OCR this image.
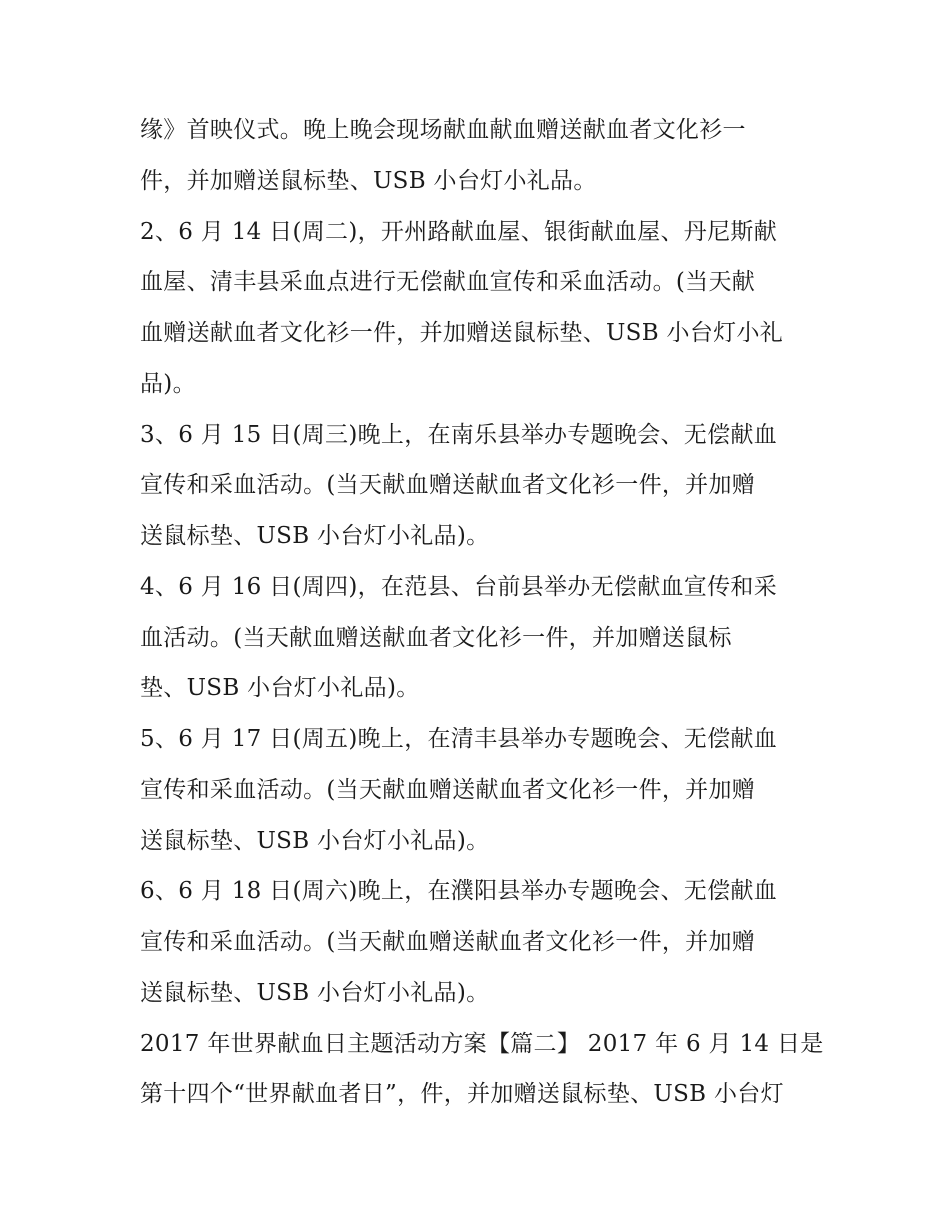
缘》首映仪式。晚上晚会现场献血献血赠送献血者文化衫一
件，并加赠送鼠标垫、USB 小台灯小礼品。
2、6 月 14 日(周二)，开州路献血屋、银街献血屋、丹尼斯献
血屋、清丰县采血点进行无偿献血宣传和采血活动。(当天献
血赠送献血者文化衫一件，并加赠送鼠标垫、USB 小台灯小礼
品)。
3、6 月 15 日(周三)晚上，在南乐县举办专题晚会、无偿献血
宣传和采血活动。(当天献血赠送献血者文化衫一件，并加赠
送鼠标垫、USB 小台灯小礼品)。
4、6 月 16 日(周四)，在范县、台前县举办无偿献血宣传和采
血活动。(当天献血赠送献血者文化衫一件，并加赠送鼠标
垫、USB 小台灯小礼品)。
5、6 月 17 日(周五)晚上，在清丰县举办专题晚会、无偿献血
宣传和采血活动。(当天献血赠送献血者文化衫一件，并加赠
送鼠标垫、USB 小台灯小礼品)。
6、6 月 18 日(周六)晚上，在濮阳县举办专题晚会、无偿献血
宣传和采血活动。(当天献血赠送献血者文化衫一件，并加赠
送鼠标垫、USB 小台灯小礼品)。
2017 年世界献血日主题活动方案【篇二】 2017 年 6 月 14 日是
第十四个“世界献血者日”，件，并加赠送鼠标垫、USB 小台灯
